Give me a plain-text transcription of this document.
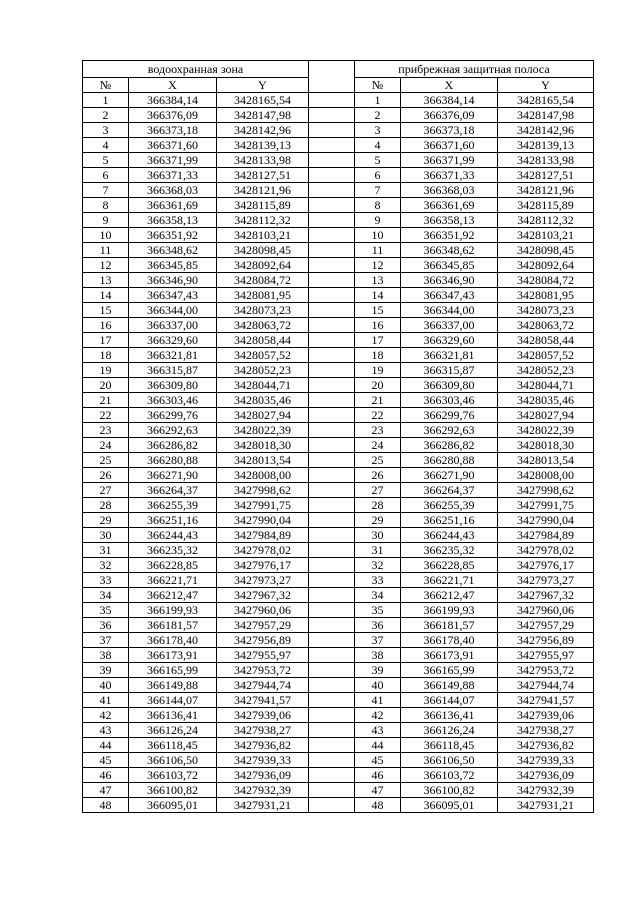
водоохранная зона				прибрежная защитная полоса		
№	X	Y		№	X	Y
1	366384,14	3428165,54		1	366384,14	3428165,54
2	366376,09	3428147,98		2	366376,09	3428147,98
3	366373,18	3428142,96		3	366373,18	3428142,96
4	366371,60	3428139,13		4	366371,60	3428139,13
5	366371,99	3428133,98		5	366371,99	3428133,98
6	366371,33	3428127,51		6	366371,33	3428127,51
7	366368,03	3428121,96		7	366368,03	3428121,96
8	366361,69	3428115,89		8	366361,69	3428115,89
9	366358,13	3428112,32		9	366358,13	3428112,32
10	366351,92	3428103,21		10	366351,92	3428103,21
11	366348,62	3428098,45		11	366348,62	3428098,45
12	366345,85	3428092,64		12	366345,85	3428092,64
13	366346,90	3428084,72		13	366346,90	3428084,72
14	366347,43	3428081,95		14	366347,43	3428081,95
15	366344,00	3428073,23		15	366344,00	3428073,23
16	366337,00	3428063,72		16	366337,00	3428063,72
17	366329,60	3428058,44		17	366329,60	3428058,44
18	366321,81	3428057,52		18	366321,81	3428057,52
19	366315,87	3428052,23		19	366315,87	3428052,23
20	366309,80	3428044,71		20	366309,80	3428044,71
21	366303,46	3428035,46		21	366303,46	3428035,46
22	366299,76	3428027,94		22	366299,76	3428027,94
23	366292,63	3428022,39		23	366292,63	3428022,39
24	366286,82	3428018,30		24	366286,82	3428018,30
25	366280,88	3428013,54		25	366280,88	3428013,54
26	366271,90	3428008,00		26	366271,90	3428008,00
27	366264,37	3427998,62		27	366264,37	3427998,62
28	366255,39	3427991,75		28	366255,39	3427991,75
29	366251,16	3427990,04		29	366251,16	3427990,04
30	366244,43	3427984,89		30	366244,43	3427984,89
31	366235,32	3427978,02		31	366235,32	3427978,02
32	366228,85	3427976,17		32	366228,85	3427976,17
33	366221,71	3427973,27		33	366221,71	3427973,27
34	366212,47	3427967,32		34	366212,47	3427967,32
35	366199,93	3427960,06		35	366199,93	3427960,06
36	366181,57	3427957,29		36	366181,57	3427957,29
37	366178,40	3427956,89		37	366178,40	3427956,89
38	366173,91	3427955,97		38	366173,91	3427955,97
39	366165,99	3427953,72		39	366165,99	3427953,72
40	366149,88	3427944,74		40	366149,88	3427944,74
41	366144,07	3427941,57		41	366144,07	3427941,57
42	366136,41	3427939,06		42	366136,41	3427939,06
43	366126,24	3427938,27		43	366126,24	3427938,27
44	366118,45	3427936,82		44	366118,45	3427936,82
45	366106,50	3427939,33		45	366106,50	3427939,33
46	366103,72	3427936,09		46	366103,72	3427936,09
47	366100,82	3427932,39		47	366100,82	3427932,39
48	366095,01	3427931,21		48	366095,01	3427931,21
